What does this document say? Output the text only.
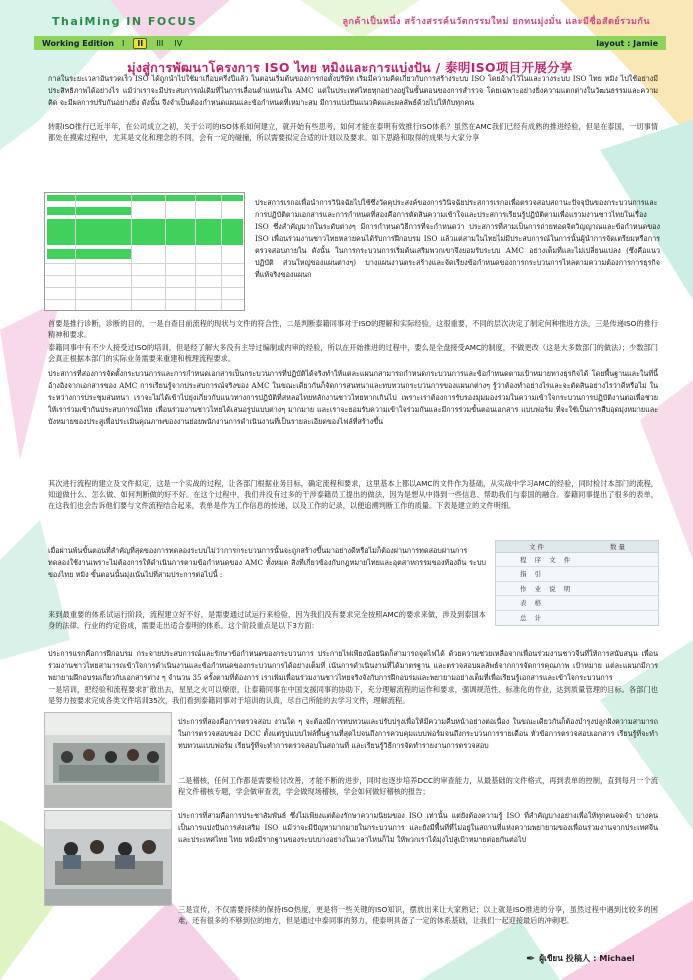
ThaiMing IN FOCUS	ลูกค้าเป็นหนึ่ง สร้างสรรค์นวัตกรรมใหม่ ยกทนมุ่งมั่น และมีซื่อสัตย์รวมกัน
Working Edition I	II	III IV	layout : Jamie
มุ่งสู่การพัฒนาโครงการ ISO ไทย หมิงและการแบ่งปัน / 泰明ISO项目开展分享
กาลในระยะเวลาอันรวดเร็ว ISO ได้ถูกนำไปใช้มาเกือบครึ่งปีแล้ว ในตอนเริ่มต้นของการก่อตั้งบริษัท เริ่มมีความคิดเกี่ยวกับการสร้างระบบ ISO โดยอ้างไว้ในและวางระบบ ISO ไทย หมิง ไปใช้อย่างมีประสิทธิภาพได้อย่างไร แม้ว่าเราจะมีประสบการณ์เดิมที่ในการเลื่อนตำแหน่งใน AMC แต่ในประเทศไทยทุกอย่างอยู่ในขั้นตอนของการสำรวจ โดยเฉพาะอย่างยิ่งความแตกต่างในวัฒนธรรมและความคิด จะมีผลการปรับกันอย่างยิ่ง ดังนั้น จึงจำเป็นต้องกำหนดแผนและข้อกำหนดที่เหมาะสม มีการแบ่งปันแนวคิดและผลลัพธ์ด้วยไปให้กับทุกคน
转眼ISO推行已近半年，在公司成立之初，关于公司的ISO体系如何建立，就开始有些思考，如何才能在泰明有效推行ISO体系？虽然在AMC我们已经有成熟的推进经验，但是在泰国，一切事情都处在摸索过程中，尤其是文化和理念的不同，会有一定的碰撞，所以需要拟定合适的计划以及要求。如下思路和取得的成果与大家分享
ประสการเรกอเพื่อนำการวินิจฉัยไปใช้ซึ่งวัดคุประสงค์ของการวินิจฉัยประสการเรกอเพื่อตรวจสอบสถานะปัจจุบันของกระบวนการและการปฏิบัติตามเอกสารและการกำหนดที่สองคือการตัดสินความเข้าใจและประสการเรียนรู้ปฏิบัติตามเพื่อแรวมงานชาวไทยในเรื่อง ISO ซึ่งสำคัญมากในระดับต่างๆ มีการกำหนดวิธีการที่จะกำหนดว่า ประสการที่สามเป็นการถ่ายทอดจิตวิญญาณและข้อกำหนดของ ISO เพื่อนร่วมงานชาวไทยหลายคนได้รับการฝึกอบรม ISO แล้วแต่สามในไทยไม่มีประสบการณ์ในการนั้นผู้นำการจัดเตรียมหรือการตรวจสอบภายใน ดังนั้น ในการกระบวนการเริ่มต้นเสริมพวกเขาจึงยอมรับระบบ AMC อย่างเต็มที่และไม่เปลี่ยนแปลง (ซึ่งคือแนวปฏิบัติ ส่วนใหญ่ของแผนต่างๆ) บางแผนงานตระสร้างและจัดเรียงข้อกำหนดของการกระบวนการไหลตามความต้องการการธุรกิจที่แท้จริงของแผนก
首要是推行诊断，诊断的目的，一是自查目前流程的现状与文件的符合性，二是判断泰籍同事对于ISO的理解和实际经验，这很重要，不同的层次决定了制定何种推进方法，三是传递ISO的推行精神和要求。
泰籍同事中有不少人接受过ISO的培训，但是经了解大多没有主导过编制或内审的经验，所以在开始推进的过程中，要么是全盘接受AMC的制度，不做更改（这是大多数部门的做法）；少数部门会真正根据本部门的实际业务需要来重建和梳理流程要求。
ประสการที่สองการจัดตั้งกระบวนการและการกำหนดเอกสารเป็นกระบวนการที่ปฏิบัติได้จริงทำให้แต่ละแผนกสามารถกำหนดกระบวนการและข้อกำหนดตามเป้าหมายทางธุรกิจได้ โดยพื้นฐานและในที่นี้อ้างอิงจากเอกสารของ AMC การเรียนรู้จากประสบการณ์จริงของ AMC ในขณะเดียวกันก็จัดการสนทนาและทบทวนกระบวนการของแผนกต่างๆ รู้ว่าต้องทำอย่างไรและจะตัดสินอย่างไรว่าดีหรือไม่ ในระหว่างการประชุมสนทนา เราจะไม่ได้เข้าไปยุ่งเกี่ยวกับแนวทางการปฏิบัติที่สหลอไทยหลักงานชาวไทยหากเกินไป เพราะเราต้องการรับรองมุมมองร่วมในความเข้าใจกระบวนการปฏิบัติงานต่อเพื่อช่วยให้เราร่วมเข้ากันประสบการณ์ไทย เพื่อนร่วมงานชาวไทยได้เสนอรูปแบบต่างๆ มากมาย และเราจะยอมรับความเข้าใจร่วมกันและมีการร่วมขั้นตอนเอกสาร แบบฟอร์ม ที่จะใช้เป็นการสืบอุดมุ่งหมายและบังหมายของประสูเพื่อประเมินคุณภาพของงานย่อยพนักงานการดำเนินงานที่เป็นรายละเอียดของไฟล์ที่สร้างขึ้น
其次进行流程的建立及文件拟定，这是一个实战的过程，让各部门根据业务目标，确定流程和要求，这里基本上都以AMC的文件作为基础，从实战中学习AMC的经验，同时检讨本部门的流程，知道做什么、怎么做、如何判断做的好不好。在这个过程中，我们并没有过多的干涉泰籍员工提出的做法，因为是想从中得到一些信息、帮助我们与泰国的融合。泰籍同事提出了很多的表单，在这我们也会告诉他们要与文件流程结合起来，表单是作为工作信息的传递，以及工作的记录，以便追溯判断工作的质量。下表是建立的文件明细。
เมื่อผ่านพ้นขั้นตอนที่สำคัญที่สุดของการทดลองระบบไม่ว่าการกระบวนการนั้นจะถูกสร้างขึ้นมาอย่างดีหรือไม่ก็ต้องผ่านการทดสอบผ่านการทดลองใช้งานเพราะไม่ต้องการให้ดำเนินการตามข้อกำหนดของ AMC ทั้งหมด สิ่งที่เกี่ยวข้องกับกฎหมายไทยและอุตสาหกรรมของท้องถิ่น ระบบของไทย หมิง ขั้นตอนนั้นมุ่งเน้นไปที่สามประการต่อไปนี้ :
来到最重要的体系试运行阶段，流程建立好不好，是需要通过试运行来检验，因为我们没有要求完全按照AMC的要求来做，涉及到泰国本身的法律、行业的约定俗成，需要走出适合泰明的体系。这个阶段重点是以下3方面：
文 件	数 量
程 序 文 件
指 引
作 业 说 明
表 格
总 计
ประการแรกคือการฝึกอบรม กระจายประสบการณ์และรักษาข้อกำหนดของกระบวนการ ประกายไฟเพียงน้อยนิดก็สามารถจุดไฟได้ ด้วยความช่วยเหลือจากเพื่อนร่วมงานชาวจีนที่ให้การสนับสนุน เพื่อนร่วมงานชาวไทยสามารถเข้าใจการดำเนินงานและข้อกำหนดของกระบวนการได้อย่างเต็มที่ เน้นการดำเนินงานที่ได้มาตรฐาน และตรวจสอบผลลัพธ์จากการจัดการคุณภาพ เป้าหมาย แต่ละแผนกมีการพยายามฝึกอบรมเกี่ยวกับเอกสารต่าง ๆ จำนวน 35 ครั้งตามที่ต้องการ เราเพิ่มเพื่อนร่วมงานชาวไทยจริงจังกับการฝึกอบรมและพยายามอย่างเต็มที่เพื่อเรียนรู้เอกสารและเข้าใจกระบวนการ
一是培训，把经验和流程要求扩散出去，星星之火可以燎原，让泰籍同事在中国支援同事的协助下，充分理解流程的运作和要求，强调规范性、标准化的作业，达到质量管理的目标。各部门也是努力按要求完成各类文件培训35次，我们看到泰籍同事对于培训的认真，尽自己所能的去学习文件，理解流程。
ประการที่สองคือการตรวจสอบ งานใด ๆ จะต้องมีการทบทวนและปรับปรุงเพื่อให้มีความคืบหน้าอย่างต่อเนื่อง ในขณะเดียวกันก็ต้องบำรุงปลูกฝังความสามารถในการตรวจสอบของ DCC ตั้งแต่รูปแบบไฟล์พื้นฐานที่สุดไปจนถึงการควบคุมแบบฟอร์มจนถึงกระบวนการรายเดือน หัวข้อการตรวจสอบเอกสาร เรียนรู้ที่จะทำ ทบทวนแบบฟอร์ม เรียนรู้ที่จะทำการตรวจสอบในสถานที่ และเรียนรู้วิธีการจัดทำรายงานการตรวจสอบ
二是稽核，任何工作都是需要检讨改善，才能不断的进步，同时也逐步培养DCC的审查能力，从最基础的文件格式，再到表单的控制，直到每月一个流程文件稽核专题，学会做审查表，学会做现场稽核，学会如何做好稽核的报告；
ประการที่สามคือการประชาสัมพันธ์ ซึ่งไม่เพียงแต่ต้องรักษาความนิยมของ ISO เท่านั้น แต่ยังต้องความรู้ ISO ที่สำคัญบางอย่างเพื่อให้ทุกคนจดจำ บางคนเป็นการแบ่งปันการส่งเสริม ISO แม้ว่าจะมีปัญหามากมายในกระบวนการ และยังมีพื้นที่ที่ไม่อยู่ในสถานที่แห่งความพยายามของเพื่อนร่วมงานจากประเทศจีนและประเทศไทย ไทย หมิงมีรากฐานของระบบบางอย่างในเวลาไหนก็ไม่ ให้พวกเราได้มุ่งไปสู่เป้าหมายต่อยกันต่อไป
三是宣传，不仅需要持续的保持ISO热度，更是将一些关键的ISO知识，摆放出来让大家熟记；以上就是ISO推进的分享，虽然过程中遇到比较多的困难，还有很多的不够到位的地方，但是通过中泰同事的努力，使泰明具备了一定的体系基础，让我们一起迎接最后的冲刺吧。
✒ ผู้เขียน 投稿人 : Michael
